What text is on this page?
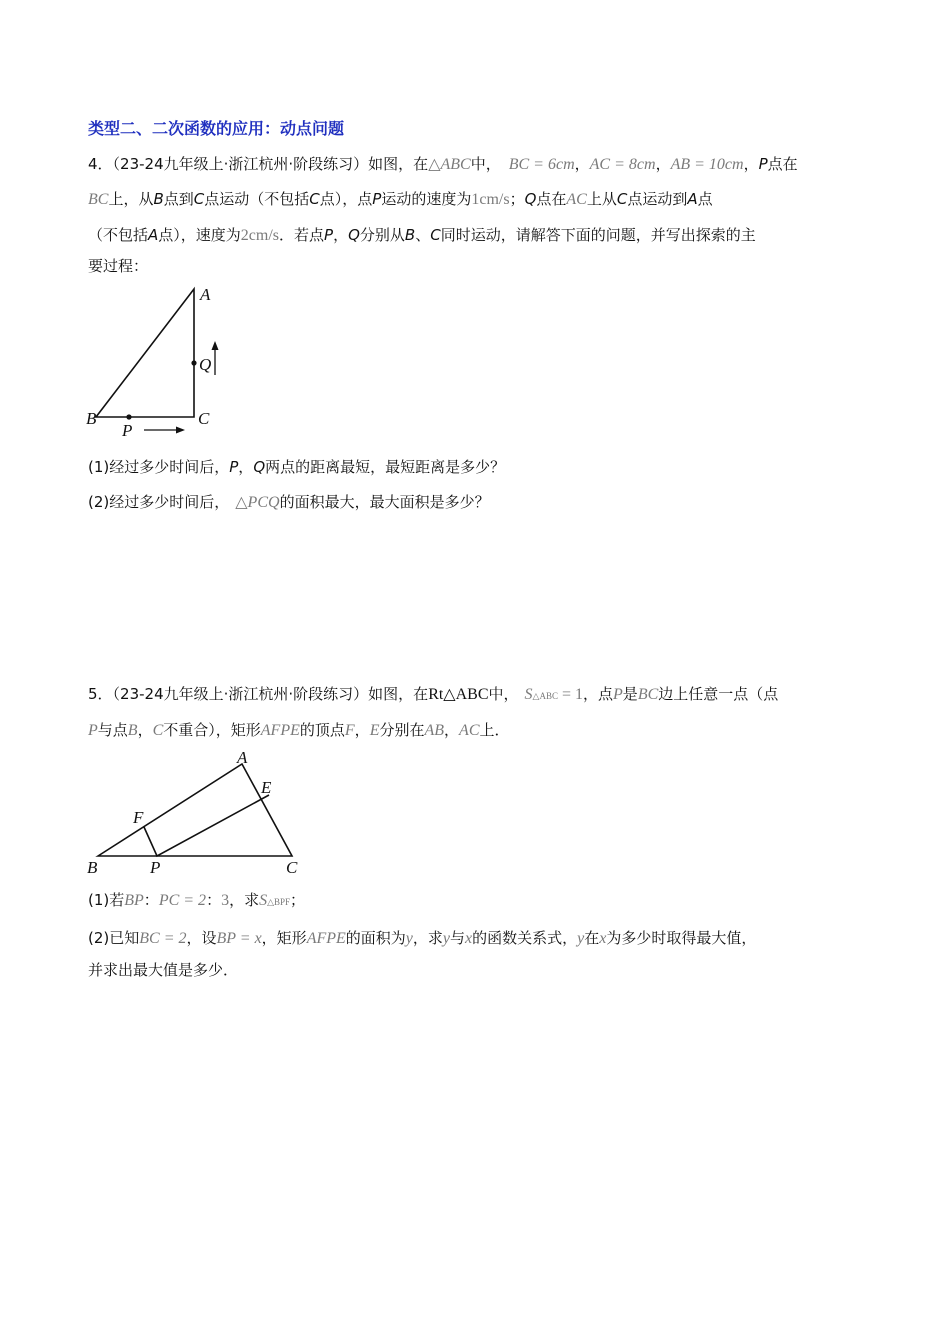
类型二、二次函数的应用：动点问题
4．（23-24九年级上·浙江杭州·阶段练习）如图，在△ABC中， BC = 6cm，AC = 8cm，AB = 10cm，P点在
BC上，从B点到C点运动（不包括C点），点P运动的速度为1cm/s；Q点在AC上从C点运动到A点
（不包括A点），速度为2cm/s．若点P，Q分别从B、C同时运动，请解答下面的问题，并写出探索的主
要过程：
A
B	C
P
Q
(1)经过多少时间后，P，Q两点的距离最短，最短距离是多少？
(2)经过多少时间后， △PCQ的面积最大，最大面积是多少？
5．（23-24九年级上·浙江杭州·阶段练习）如图，在Rt△ABC中， S△ABC = 1，点P是BC边上任意一点（点
P与点B，C不重合），矩形AFPE的顶点F，E分别在AB，AC上．
A
B	C
P
E
F
(1)若BP：PC = 2：3，求S△BPF；
(2)已知BC = 2，设BP = x，矩形AFPE的面积为y，求y与x的函数关系式，y在x为多少时取得最大值，
并求出最大值是多少．
